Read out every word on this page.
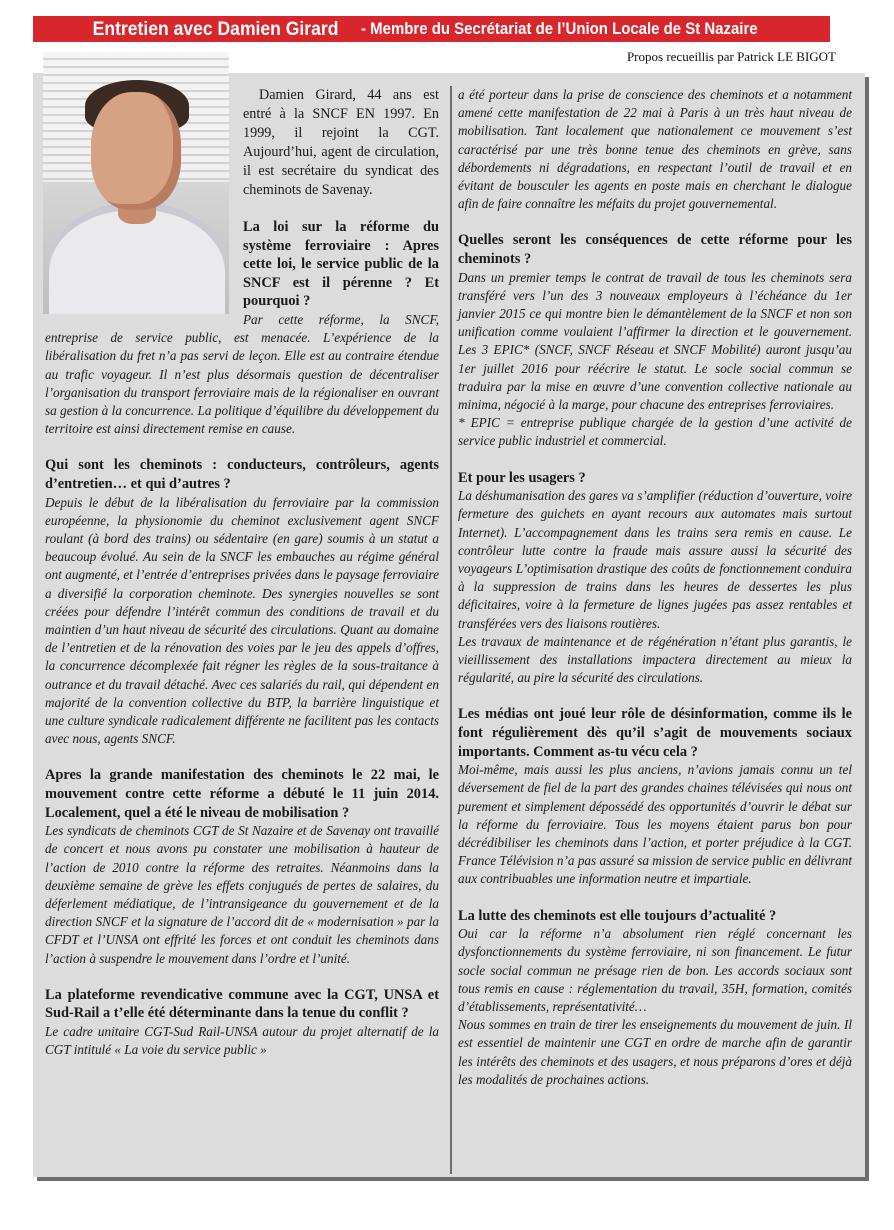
Entretien avec Damien Girard - Membre du Secrétariat de l’Union Locale de St Nazaire
Propos recueillis par Patrick LE BIGOT

Damien Girard, 44 ans est entré à la SNCF EN 1997. En 1999, il rejoint la CGT. Aujourd’hui, agent de circulation, il est secrétaire du syndicat des cheminots de Savenay.

La loi sur la réforme du système ferroviaire : Apres cette loi, le service public de la SNCF est il pérenne ? Et pourquoi ?

Par cette réforme, la SNCF, entreprise de service public, est menacée. L’expérience de la libéralisation du fret n’a pas servi de leçon. Elle est au contraire étendue au trafic voyageur. Il n’est plus désormais question de décentraliser l’organisation du transport ferroviaire mais de la régionaliser en ouvrant sa gestion à la concurrence. La politique d’équilibre du développement du territoire est ainsi directement remise en cause.

Qui sont les cheminots : conducteurs, contrôleurs, agents d’entretien… et qui d’autres ?

Depuis le début de la libéralisation du ferroviaire par la commission européenne, la physionomie du cheminot exclusivement agent SNCF roulant (à bord des trains) ou sédentaire (en gare) soumis à un statut a beaucoup évolué. Au sein de la SNCF les embauches au régime général ont augmenté, et l’entrée d’entreprises privées dans le paysage ferroviaire a diversifié la corporation cheminote. Des synergies nouvelles se sont créées pour défendre l’intérêt commun des conditions de travail et du maintien d’un haut niveau de sécurité des circulations. Quant au domaine de l’entretien et de la rénovation des voies par le jeu des appels d’offres, la concurrence décomplexée fait régner les règles de la sous-traitance à outrance et du travail détaché. Avec ces salariés du rail, qui dépendent en majorité de la convention collective du BTP, la barrière linguistique et une culture syndicale radicalement différente ne facilitent pas les contacts avec nous, agents SNCF.

Apres la grande manifestation des cheminots le 22 mai, le mouvement contre cette réforme a débuté le 11 juin 2014. Localement, quel a été le niveau de mobilisation ?

Les syndicats de cheminots CGT de St Nazaire et de Savenay ont travaillé de concert et nous avons pu constater une mobilisation à hauteur de l’action de 2010 contre la réforme des retraites. Néanmoins dans la deuxième semaine de grève les effets conjugués de pertes de salaires, du déferlement médiatique, de l’intransigeance du gouvernement et de la direction SNCF et la signature de l’accord dit de « modernisation » par la CFDT et l’UNSA ont effrité les forces et ont conduit les cheminots dans l’action à suspendre le mouvement dans l’ordre et l’unité.

La plateforme revendicative commune avec la CGT, UNSA et Sud-Rail a t’elle été déterminante dans la tenue du conflit ?

Le cadre unitaire CGT-Sud Rail-UNSA autour du projet alternatif de la CGT intitulé « La voie du service public »

a été porteur dans la prise de conscience des cheminots et a notamment amené cette manifestation de 22 mai à Paris à un très haut niveau de mobilisation. Tant localement que nationalement ce mouvement s’est caractérisé par une très bonne tenue des cheminots en grève, sans débordements ni dégradations, en respectant l’outil de travail et en évitant de bousculer les agents en poste mais en cherchant le dialogue afin de faire connaître les méfaits du projet gouvernemental.

Quelles seront les conséquences de cette réforme pour les cheminots ?

Dans un premier temps le contrat de travail de tous les cheminots sera transféré vers l’un des 3 nouveaux employeurs à l’échéance du 1er janvier 2015 ce qui montre bien le démantèlement de la SNCF et non son unification comme voulaient l’affirmer la direction et le gouvernement. Les 3 EPIC* (SNCF, SNCF Réseau et SNCF Mobilité) auront jusqu’au 1er juillet 2016 pour réécrire le statut. Le socle social commun se traduira par la mise en œuvre d’une convention collective nationale au minima, négocié à la marge, pour chacune des entreprises ferroviaires.

* EPIC = entreprise publique chargée de la gestion d’une activité de service public industriel et commercial.

Et pour les usagers ?

La déshumanisation des gares va s’amplifier (réduction d’ouverture, voire fermeture des guichets en ayant recours aux automates mais surtout Internet). L’accompagnement dans les trains sera remis en cause. Le contrôleur lutte contre la fraude mais assure aussi la sécurité des voyageurs L’optimisation drastique des coûts de fonctionnement conduira à la suppression de trains dans les heures de dessertes les plus déficitaires, voire à la fermeture de lignes jugées pas assez rentables et transférées vers des liaisons routières.

Les travaux de maintenance et de régénération n’étant plus garantis, le vieillissement des installations impactera directement au mieux la régularité, au pire la sécurité des circulations.

Les médias ont joué leur rôle de désinformation, comme ils le font régulièrement dès qu’il s’agit de mouvements sociaux importants. Comment as-tu vécu cela ?

Moi-même, mais aussi les plus anciens, n’avions jamais connu un tel déversement de fiel de la part des grandes chaines télévisées qui nous ont purement et simplement dépossédé des opportunités d’ouvrir le débat sur la réforme du ferroviaire. Tous les moyens étaient parus bon pour décrédibiliser les cheminots dans l’action, et porter préjudice à la CGT. France Télévision n’a pas assuré sa mission de service public en délivrant aux contribuables une information neutre et impartiale.

La lutte des cheminots est elle toujours d’actualité ?

Oui car la réforme n’a absolument rien réglé concernant les dysfonctionnements du système ferroviaire, ni son financement. Le futur socle social commun ne présage rien de bon. Les accords sociaux sont tous remis en cause : réglementation du travail, 35H, formation, comités d’établissements, représentativité…

Nous sommes en train de tirer les enseignements du mouvement de juin. Il est essentiel de maintenir une CGT en ordre de marche afin de garantir les intérêts des cheminots et des usagers, et nous préparons d’ores et déjà les modalités de prochaines actions.
